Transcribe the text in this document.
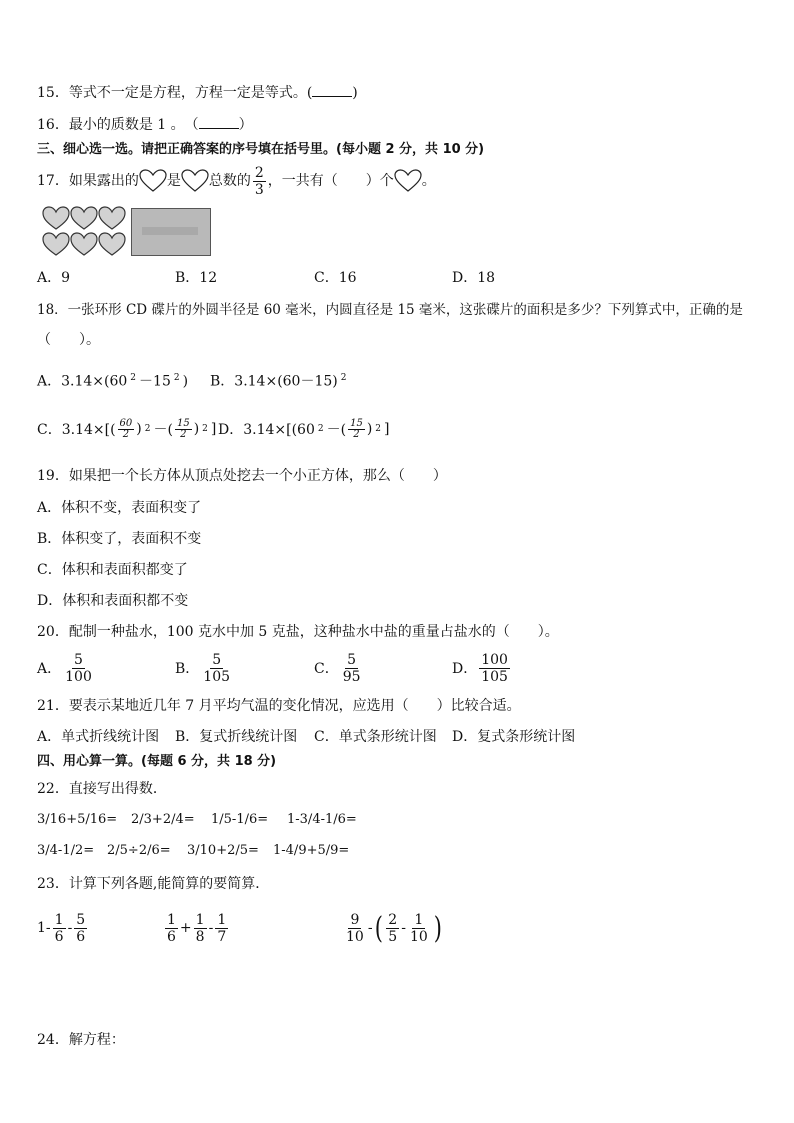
15．等式不一定是方程，方程一定是等式。(	)
16．最小的质数是 1 。　（	）
三、细心选一选。请把正确答案的序号填在括号里。(每小题 2 分，共 10 分)
17．如果露出的 是 总数的 $\frac{2}{3}$ ，一共有（　　）个 。
A．9	B．12	C．16	D．18
18．一张环形 CD 碟片的外圆半径是 60 毫米，内圆直径是 15 毫米，这张碟片的面积是多少？下列算式中，正确的是
（　　）。
A．3.14×(60 $^2$ －15 $^2$ ) B．3.14×(60－15) $^2$
C．$3.14\times[( \frac{60}{2}$ ) 2 －( $\frac{15}{2}$ ) 2 ] D．3.14×[(60 2 －( $\frac{15}{2}$ ) 2 ]
19．如果把一个长方体从顶点处挖去一个小正方体，那么（　　）
A．体积不变，表面积变了
B．体积变了，表面积不变
C．体积和表面积都变了
D．体积和表面积都不变
20．配制一种盐水，100 克水中加 5 克盐，这种盐水中盐的重量占盐水的（　　）。
A． $\frac{5}{100}$	B． $\frac{5}{105}$	C． $\frac{5}{95}$	D． $\frac{100}{105}$
21．要表示某地近几年 7 月平均气温的变化情况，应选用（　　）比较合适。
A．单式折线统计图 B．复式折线统计图 C．单式条形统计图 D．复式条形统计图
四、用心算一算。(每题 6 分，共 18 分)
22．直接写出得数．
3/16+5/16= 2/3+2/4= 1/5-1/6= 1-3/4-1/6=
3/4-1/2= 2/5÷2/6= 3/10+2/5= 1-4/9+5/9=
23．计算下列各题,能简算的要简算．
$1- \frac{1}{6} - \frac{5}{6}$	$\frac{1}{6} + \frac{1}{8} - \frac{1}{7}$	$\frac{9}{10}$ - ( $\frac{2}{5} - \frac{1}{10}$ )
24．解方程：
